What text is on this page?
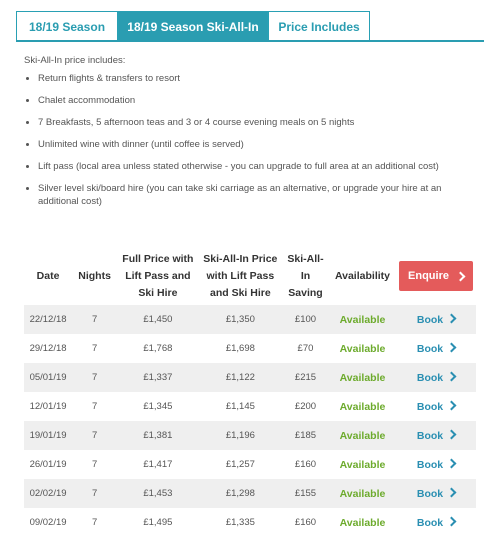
18/19 Season	18/19 Season Ski-All-In	Price Includes

Ski-All-In price includes:

• Return flights & transfers to resort
• Chalet accommodation
• 7 Breakfasts, 5 afternoon teas and 3 or 4 course evening meals on 5 nights
• Unlimited wine with dinner (until coffee is served)
• Lift pass (local area unless stated otherwise - you can upgrade to full area at an additional cost)
• Silver level ski/board hire (you can take ski carriage as an alternative, or upgrade your hire at an additional cost)
Date	Nights	Full Price with Lift Pass and Ski Hire	Ski-All-In Price with Lift Pass and Ski Hire	Ski-All-In Saving	Availability	Enquire

22/12/18	7	£1,450	£1,350	£100	Available	Book
29/12/18	7	£1,768	£1,698	£70	Available	Book
05/01/19	7	£1,337	£1,122	£215	Available	Book
12/01/19	7	£1,345	£1,145	£200	Available	Book
19/01/19	7	£1,381	£1,196	£185	Available	Book
26/01/19	7	£1,417	£1,257	£160	Available	Book
02/02/19	7	£1,453	£1,298	£155	Available	Book
09/02/19	7	£1,495	£1,335	£160	Available	Book
